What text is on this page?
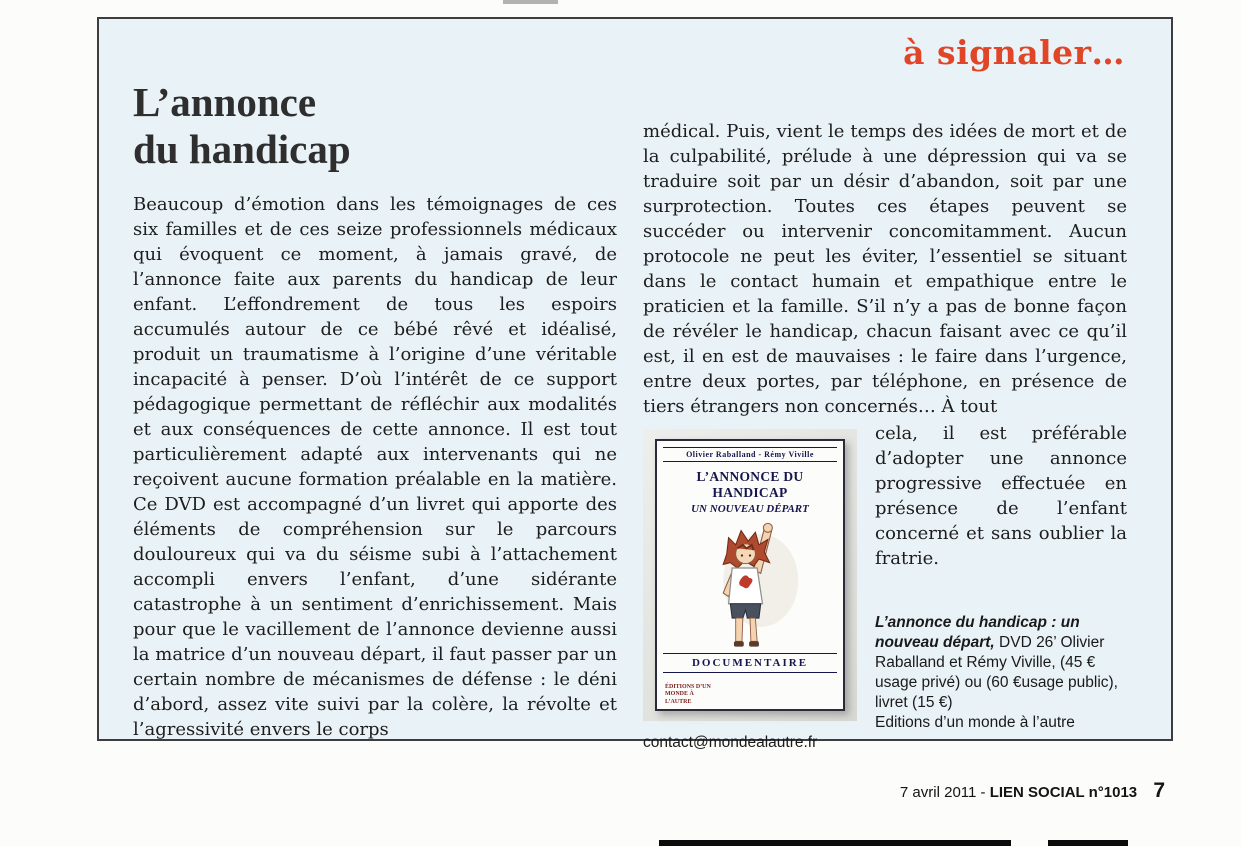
à signaler…
L’annonce
du handicap

Beaucoup d’émotion dans les témoignages de ces six familles et de ces seize professionnels médicaux qui évoquent ce moment, à jamais gravé, de l’annonce faite aux parents du handicap de leur enfant. L’effondrement de tous les espoirs accumulés autour de ce bébé rêvé et idéalisé, produit un traumatisme à l’origine d’une véritable incapacité à penser. D’où l’intérêt de ce support pédagogique permettant de réfléchir aux modalités et aux conséquences de cette annonce. Il est tout particulièrement adapté aux intervenants qui ne reçoivent aucune formation préalable en la matière. Ce DVD est accompagné d’un livret qui apporte des éléments de compréhension sur le parcours douloureux qui va du séisme subi à l’attachement accompli envers l’enfant, d’une sidérante catastrophe à un sentiment d’enrichissement. Mais pour que le vacillement de l’annonce devienne aussi la matrice d’un nouveau départ, il faut passer par un certain nombre de mécanismes de défense : le déni d’abord, assez vite suivi par la colère, la révolte et l’agressivité envers le corps

médical. Puis, vient le temps des idées de mort et de la culpabilité, prélude à une dépression qui va se traduire soit par un désir d’abandon, soit par une surprotection. Toutes ces étapes peuvent se succéder ou intervenir concomitamment. Aucun protocole ne peut les éviter, l’essentiel se situant dans le contact humain et empathique entre le praticien et la famille. S’il n’y a pas de bonne façon de révéler le handicap, chacun faisant avec ce qu’il est, il en est de mauvaises : le faire dans l’urgence, entre deux portes, par téléphone, en présence de tiers étrangers non concernés… À tout

Olivier Raballand - Rémy Viville
L’ANNONCE DU HANDICAP
UN NOUVEAU DÉPART
DOCUMENTAIRE
ÉDITIONS D’UN MONDE À L’AUTRE

cela, il est préférable d’adopter une annonce progressive effectuée en présence de l’enfant concerné et sans oublier la fratrie.

L’annonce du handicap : un nouveau départ, DVD 26’ Olivier Raballand et Rémy Viville, (45 € usage privé) ou (60 €usage public), livret (15 €)

Editions d’un monde à l’autre

contact@mondealautre.fr

7 avril 2011 - LIEN SOCIAL n°1013 7
